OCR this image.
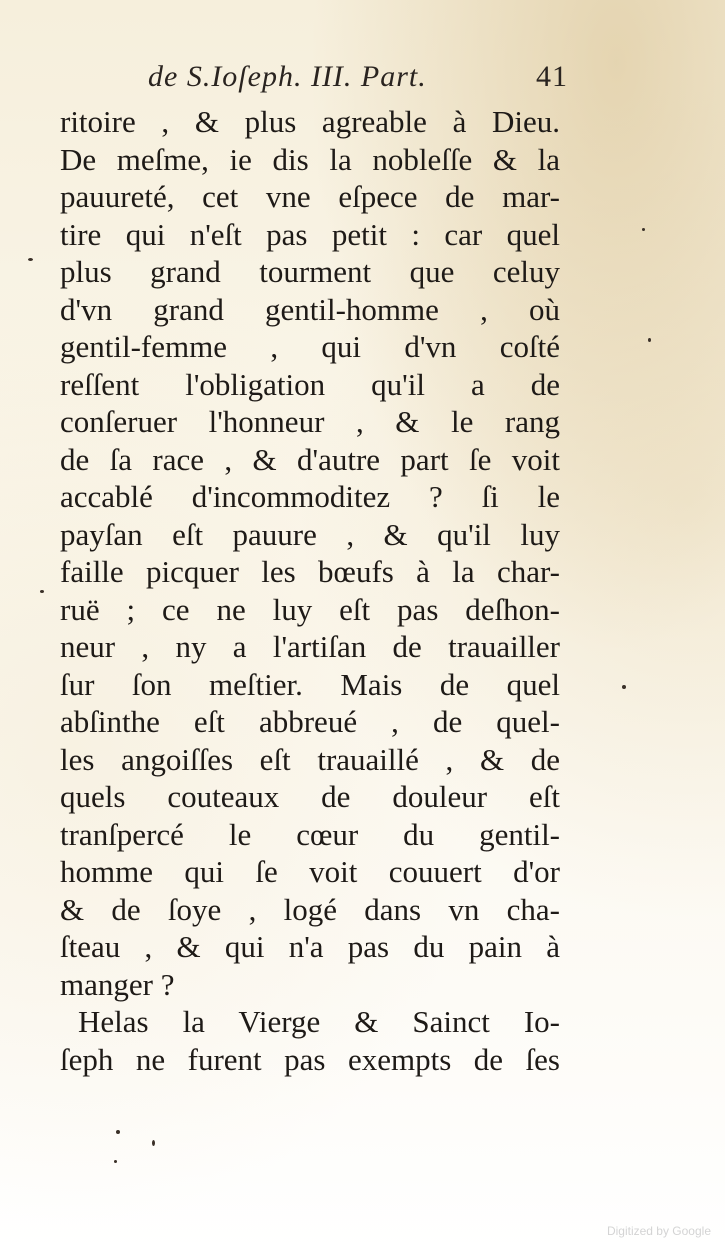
de S.Ioſeph. III. Part.	41
ritoire , & plus agreable à Dieu.
De meſme, ie dis la nobleſſe & la
pauureté, cet vne eſpece de mar-
tire qui n'eſt pas petit : car quel
plus grand tourment que celuy
d'vn grand gentil-homme , où
gentil-femme , qui d'vn coſté
reſſent l'obligation qu'il a de
conſeruer l'honneur , & le rang
de ſa race , & d'autre part ſe voit
accablé d'incommoditez ? ſi le
payſan eſt pauure , & qu'il luy
faille picquer les bœufs à la char-
ruë ; ce ne luy eſt pas deſhon-
neur , ny a l'artiſan de trauailler
ſur ſon meſtier. Mais de quel
abſinthe eſt abbreué , de quel-
les angoiſſes eſt trauaillé , & de
quels couteaux de douleur eſt
tranſpercé le cœur du gentil-
homme qui ſe voit couuert d'or
& de ſoye , logé dans vn cha-
ſteau , & qui n'a pas du pain à
manger ?
Helas la Vierge & Sainct Io-
ſeph ne furent pas exempts de ſes
Digitized by Google
